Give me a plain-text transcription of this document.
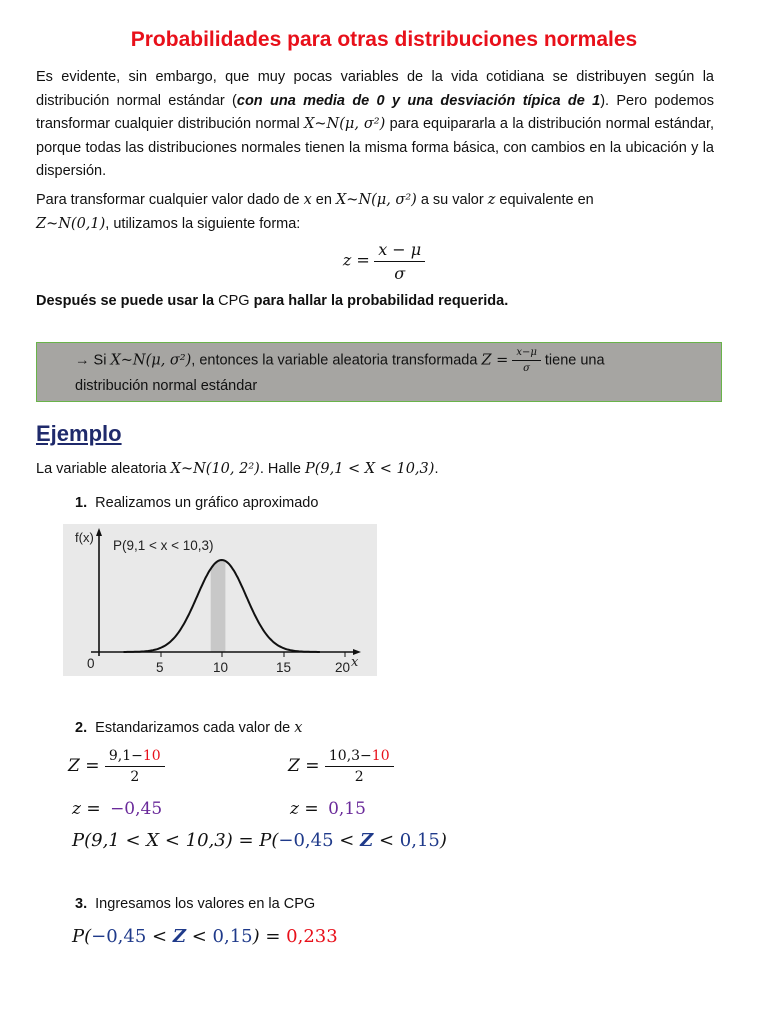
Probabilidades para otras distribuciones normales

Es evidente, sin embargo, que muy pocas variables de la vida cotidiana se distribuyen según la distribución normal estándar (con una media de 0 y una desviación típica de 1). Pero podemos transformar cualquier distribución normal X~N(μ, σ²) para equipararla a la distribución normal estándar, porque todas las distribuciones normales tienen la misma forma básica, con cambios en la ubicación y la dispersión.

Para transformar cualquier valor dado de x en X~N(μ, σ²) a su valor z equivalente en
Z~N(0,1), utilizamos la siguiente forma:

$z = \frac{x - \mu}{\sigma}$

Después se puede usar la CPG para hallar la probabilidad requerida.

→ Si X~N(μ, σ²), entonces la variable aleatoria transformada $Z = \frac{x-\mu}{\sigma}$ tiene una
distribución normal estándar
Ejemplo
La variable aleatoria X~N(10, 2²). Halle P(9,1 < X < 10,3).
1. Realizamos un gráfico aproximado
f(x)
P(9,1 < x < 10,3)
x
0	5	10	15	20
2. Estandarizamos cada valor de x
$Z = \frac{9,1-10}{2}$	$Z = \frac{10,3-10}{2}$
z = −0,45	z = 0,15
P(9,1 < X < 10,3) = P(−0,45 < Z < 0,15)
3. Ingresamos los valores en la CPG
P(−0,45 < Z < 0,15) = 0,233
